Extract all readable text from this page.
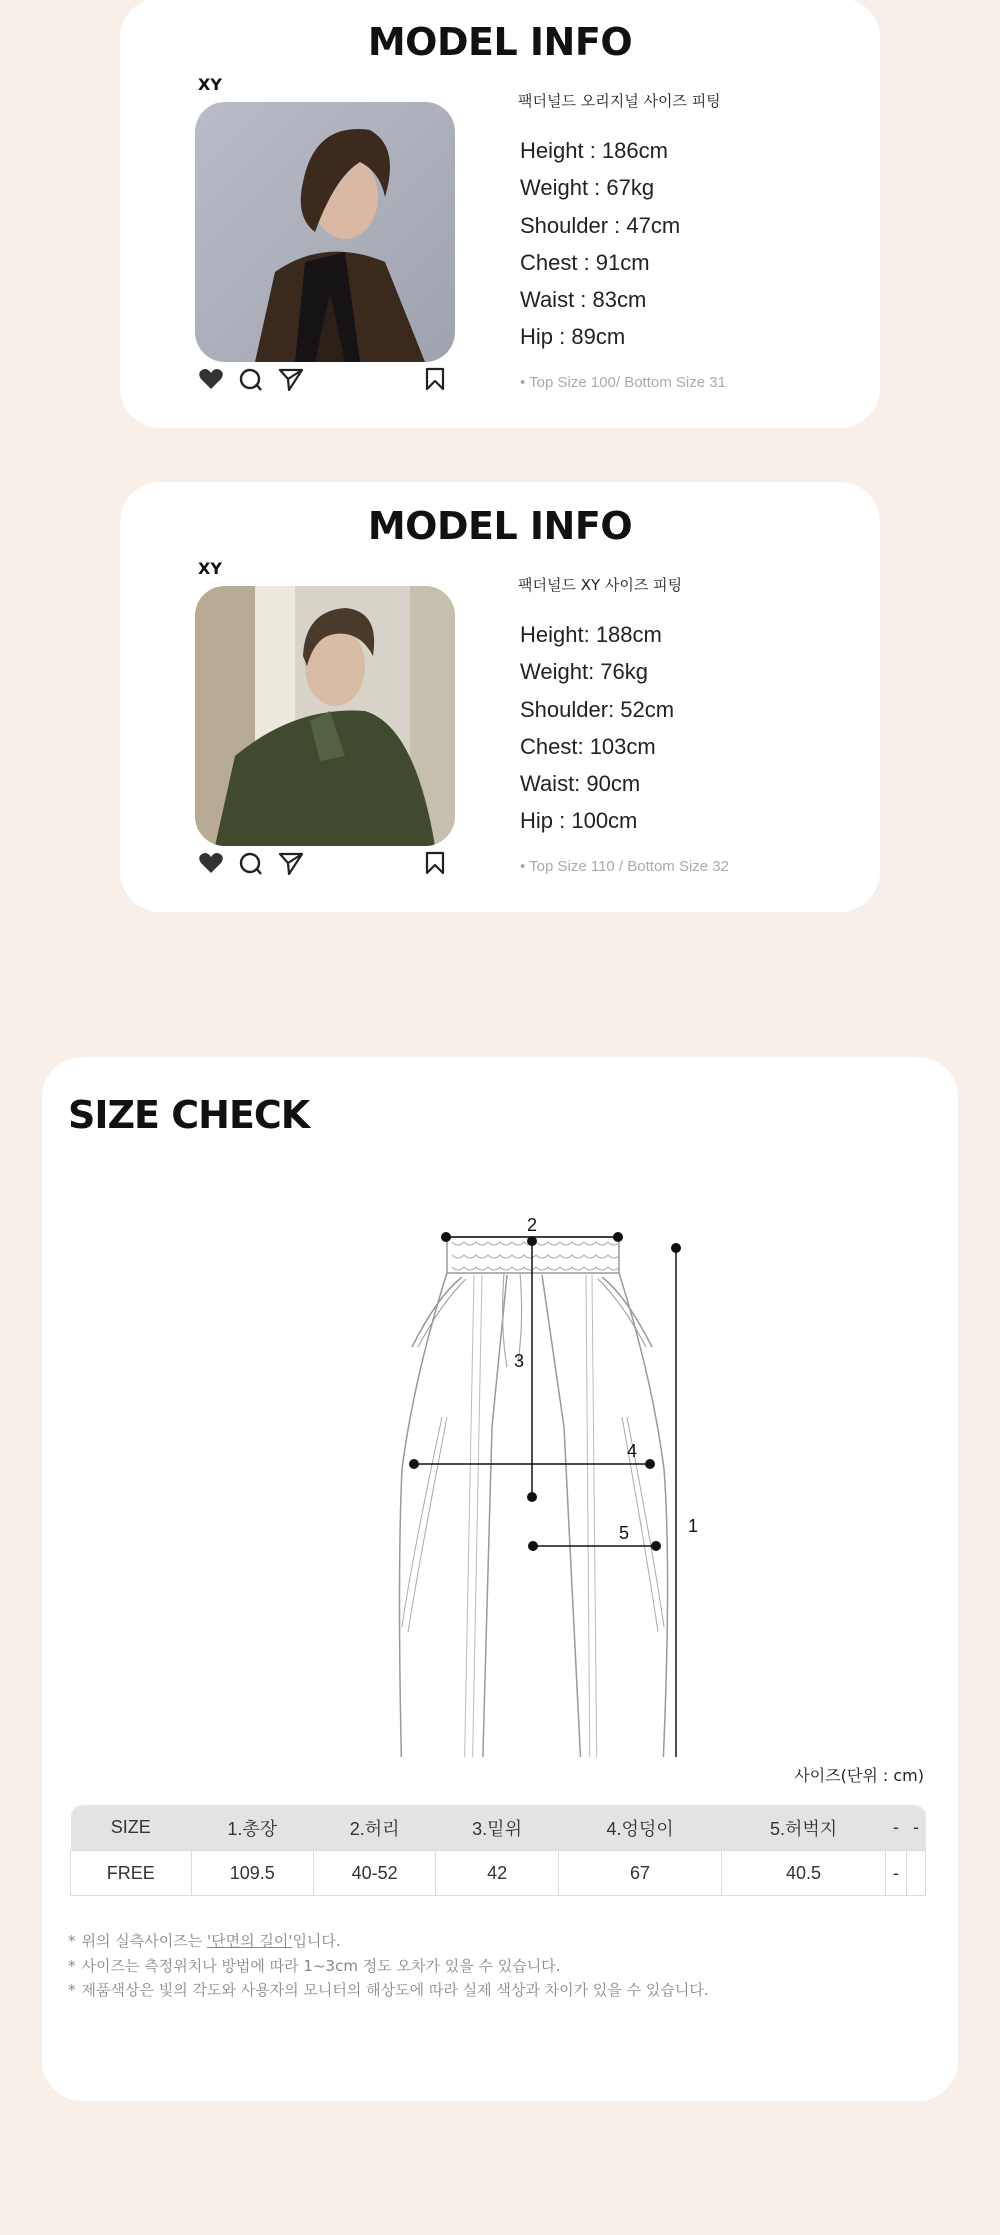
MODEL INFO
XY
팩더널드 오리지널 사이즈 피팅
Height : 186cm
Weight : 67kg
Shoulder : 47cm
Chest : 91cm
Waist : 83cm
Hip : 89cm
• Top Size 100/ Bottom Size 31
MODEL INFO
XY
팩더널드 XY 사이즈 피팅
Height: 188cm
Weight: 76kg
Shoulder: 52cm
Chest: 103cm
Waist: 90cm
Hip : 100cm
• Top Size 110 / Bottom Size 32
SIZE CHECK
2
3
4
5	1
사이즈(단위 : cm)
SIZE	1.총장	2.허리	3.밑위	4.엉덩이	5.허벅지	-	-
FREE	109.5	40-52	42	67	40.5	-	
* 위의 실측사이즈는 '단면의 길이'입니다.
* 사이즈는 측정위치나 방법에 따라 1~3cm 정도 오차가 있을 수 있습니다.
* 제품색상은 빛의 각도와 사용자의 모니터의 해상도에 따라 실제 색상과 차이가 있을 수 있습니다.
